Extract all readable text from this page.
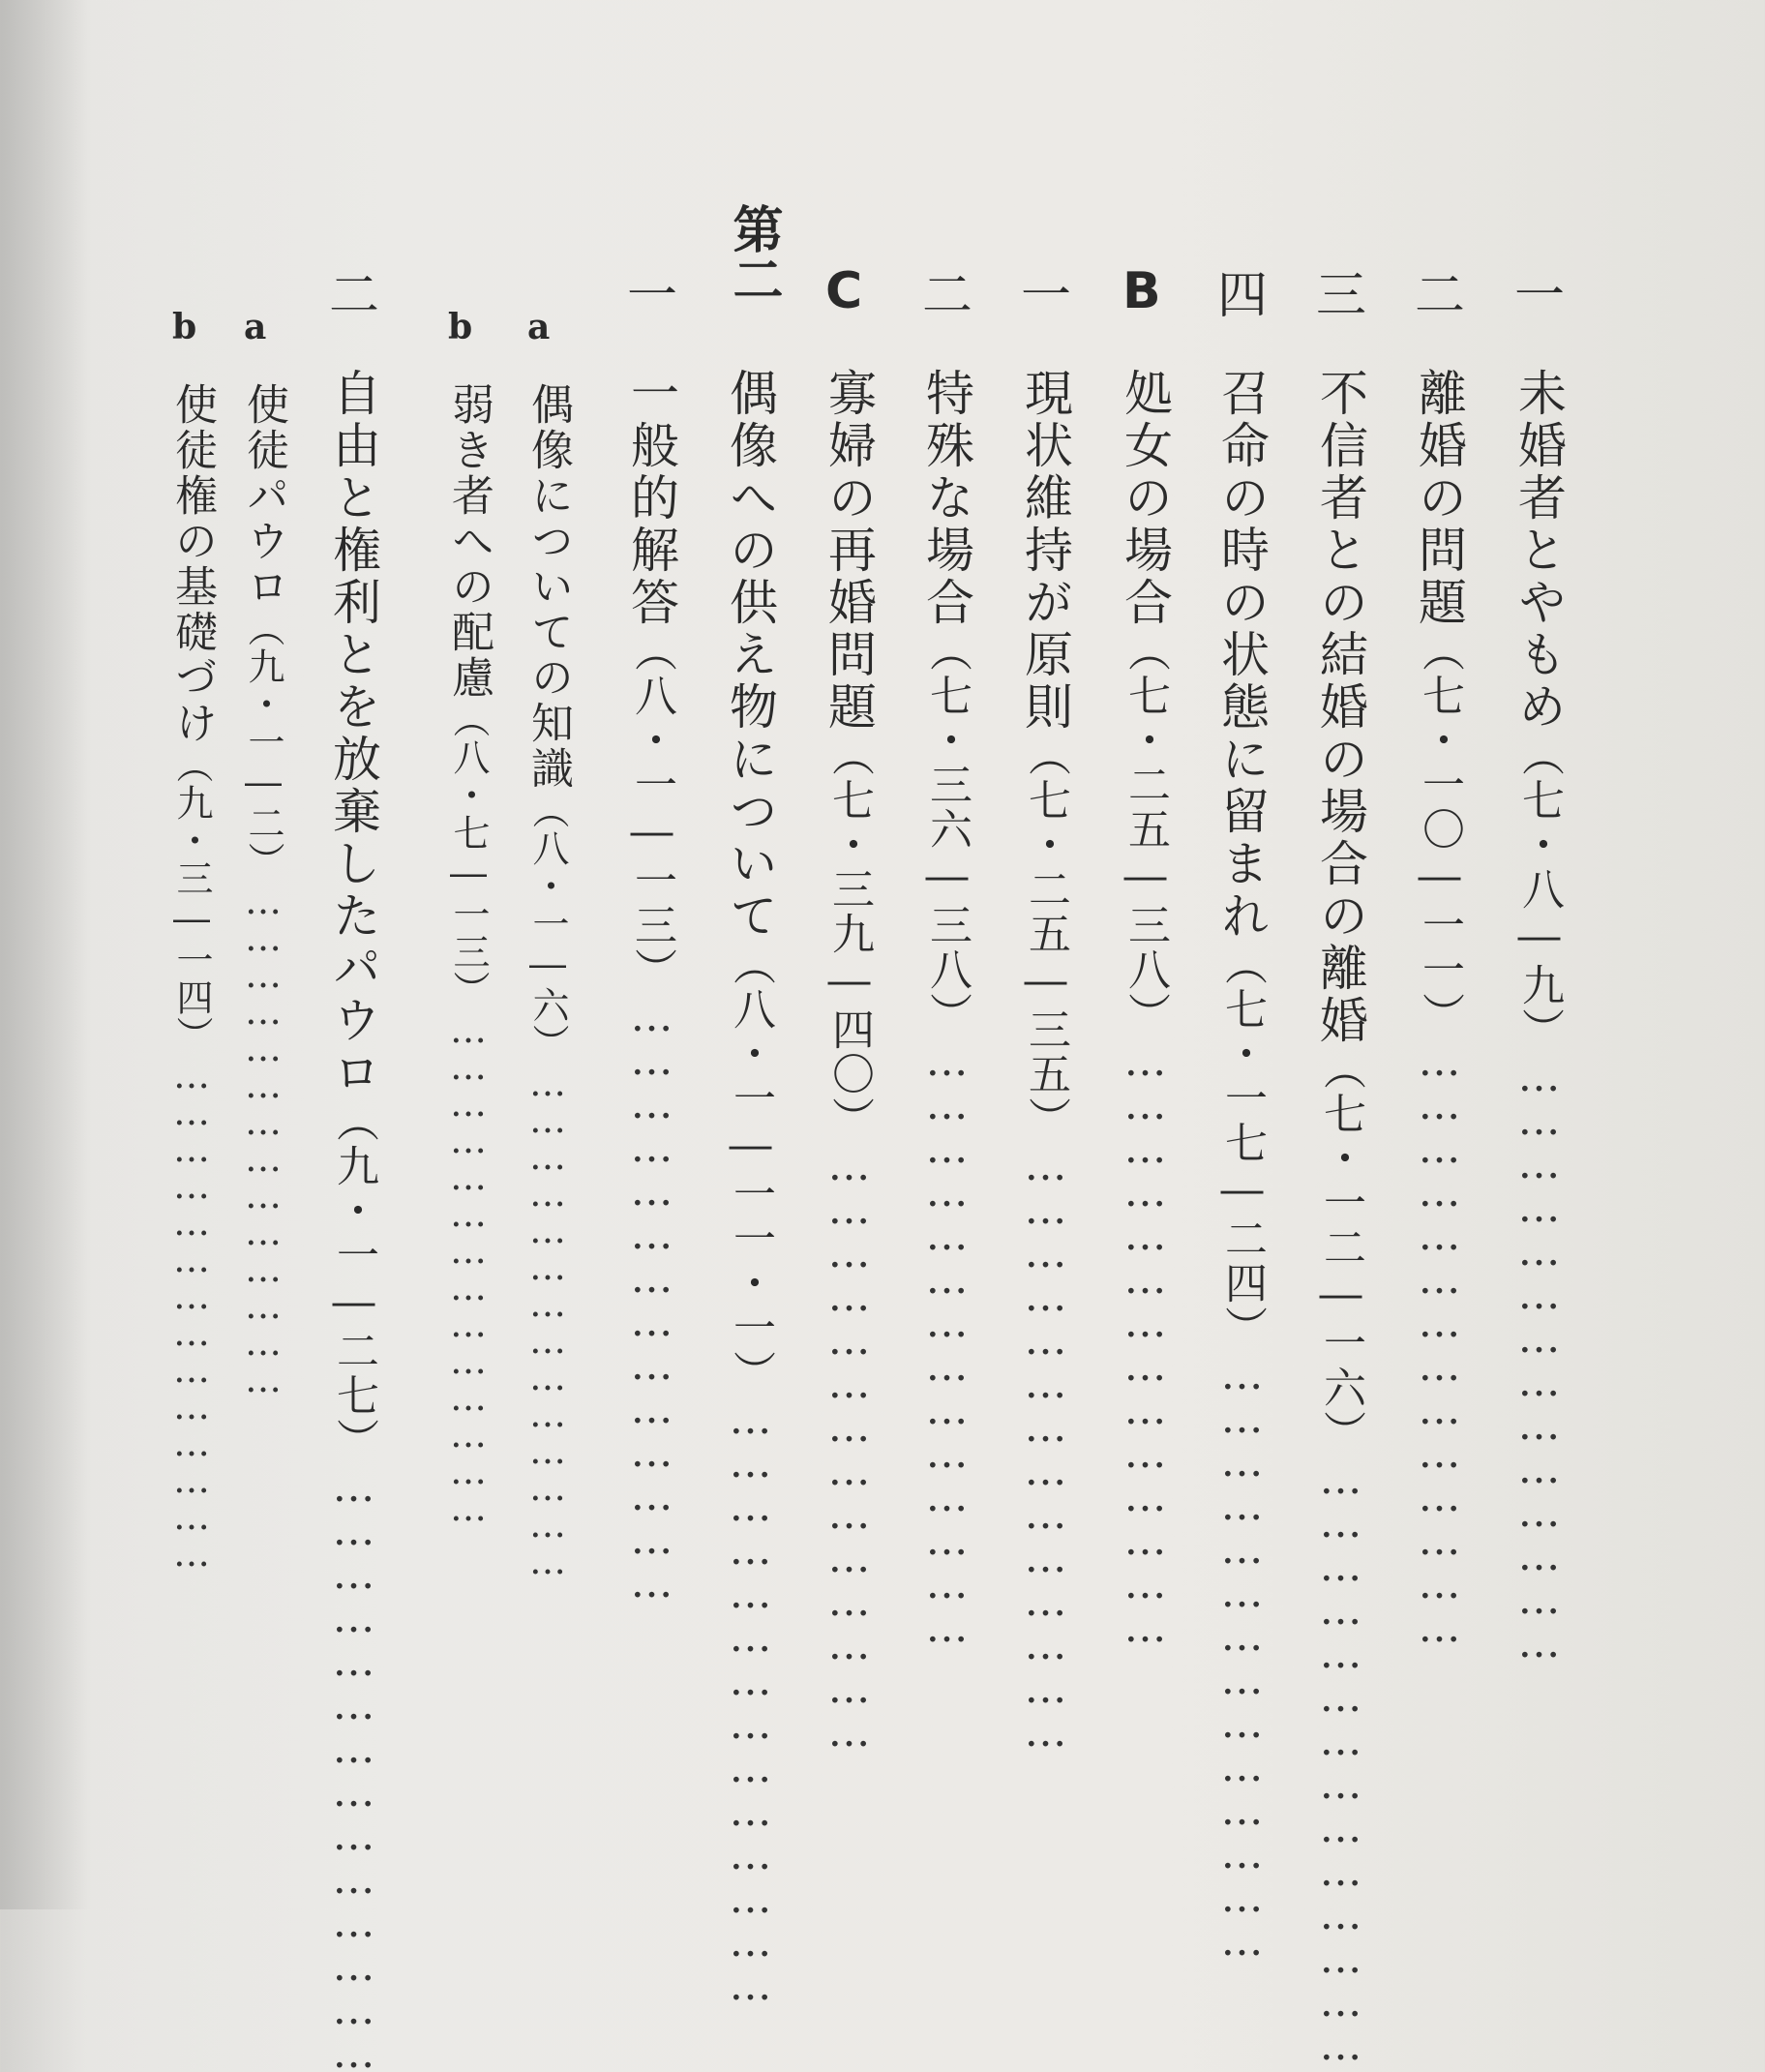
一
未婚者とやもめ（七・八―九）……………………………………
二
離婚の問題（七・一〇―一一）……………………………………
三
不信者との結婚の場合の離婚（七・一二―一六）……………………………………
四
召命の時の状態に留まれ（七・一七―二四）……………………………………
B
処女の場合（七・二五―三八）……………………………………
一
現状維持が原則（七・二五―三五）……………………………………
二
特殊な場合（七・三六―三八）……………………………………
C
寡婦の再婚問題（七・三九―四〇）……………………………………
第二
偶像への供え物について（八・一―一一・一）……………………………………
一
一般的解答（八・一―一三）……………………………………
a
偶像についての知識（八・一―六）……………………………………
b
弱き者への配慮（八・七―一三）……………………………………
二
自由と権利とを放棄したパウロ（九・一―二七）……………………………………
a
使徒パウロ（九・一―二）……………………………………
b
使徒権の基礎づけ（九・三―一四）……………………………………
